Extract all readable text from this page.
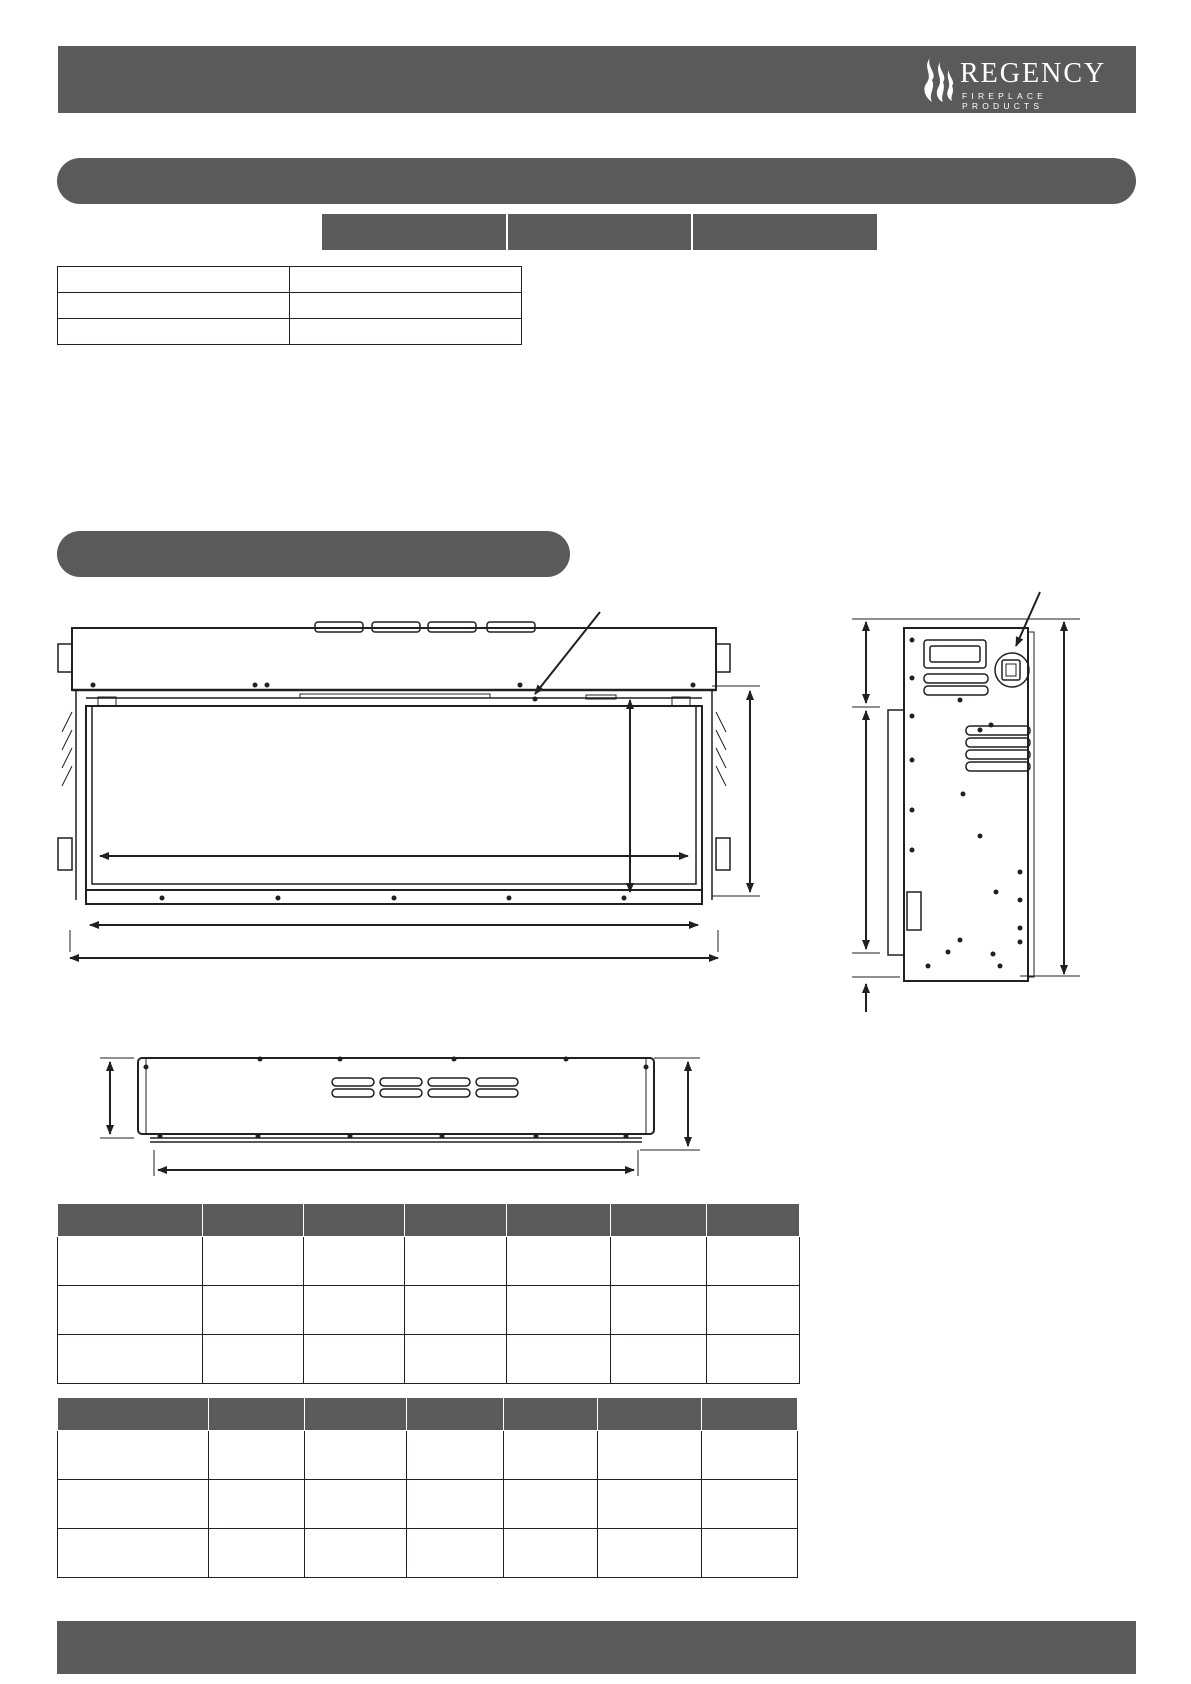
REGENCY
FIREPLACE PRODUCTS
